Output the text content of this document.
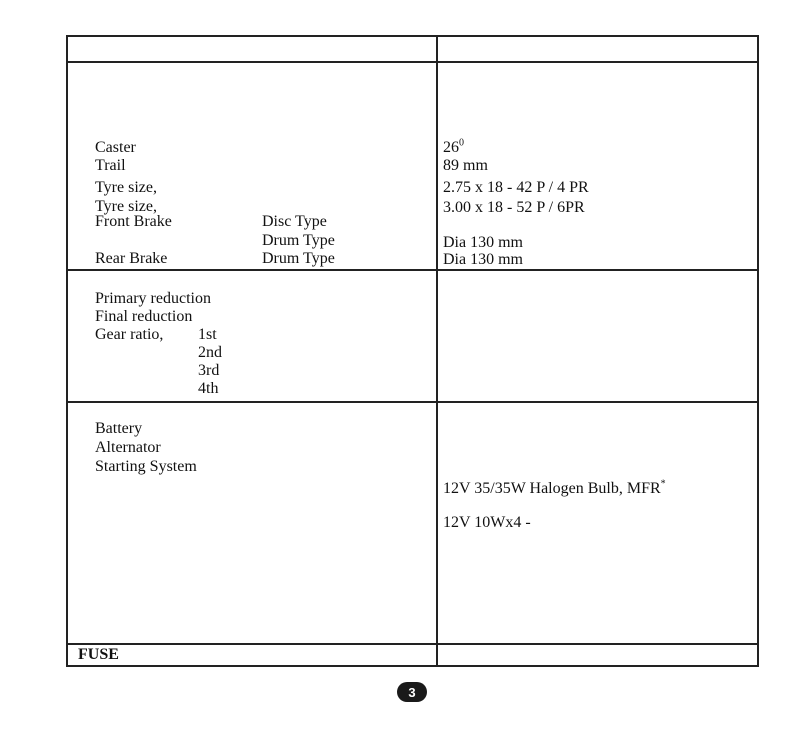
Caster
Trail
Tyre size,
Tyre size,
Front Brake	Disc Type
Drum Type
Rear Brake	Drum Type
$26^0$
89 mm
2.75 x 18 - 42 P / 4 PR
3.00 x 18 - 52 P / 6PR
Dia 130 mm
Dia 130 mm
Primary reduction
Final reduction
Gear ratio, 1st
2nd
3rd
4th
Battery
Alternator
Starting System
12V 35/35W Halogen Bulb, MFR*
12V 10Wx4 -
FUSE
3
